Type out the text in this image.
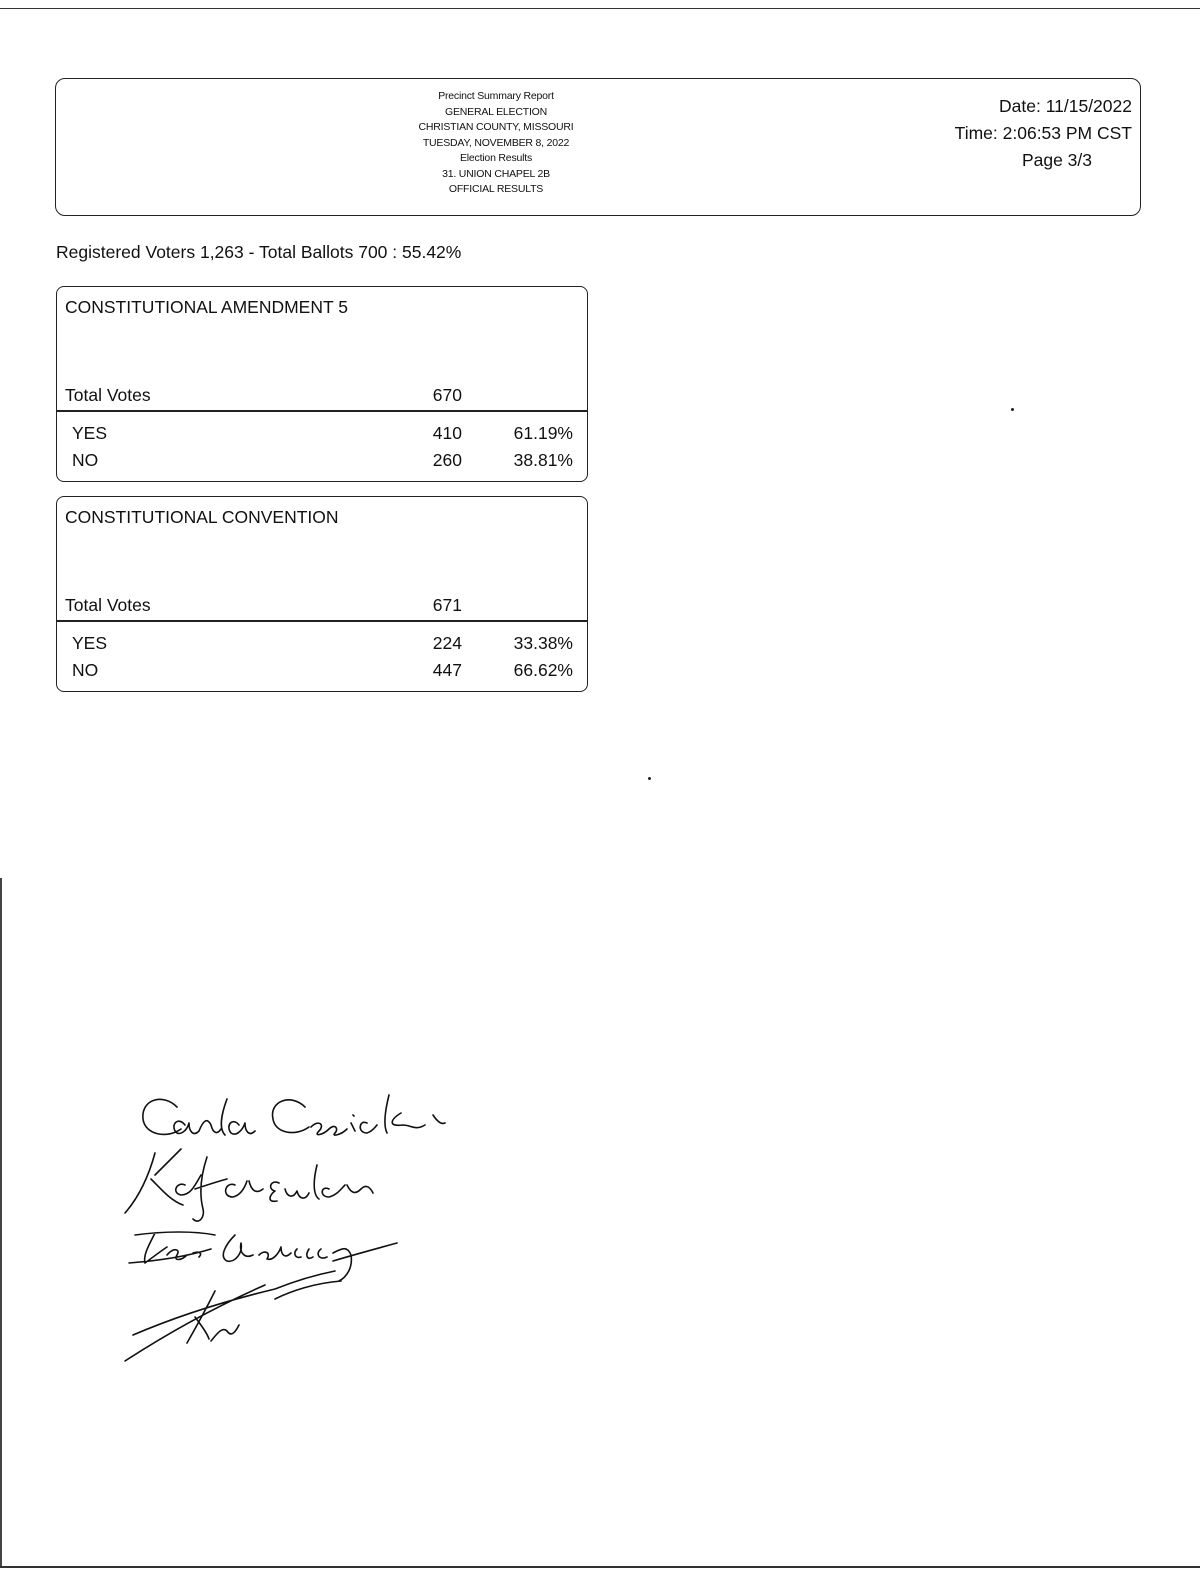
Precinct Summary Report
GENERAL ELECTION
CHRISTIAN COUNTY, MISSOURI
TUESDAY, NOVEMBER 8, 2022
Election Results
31. UNION CHAPEL 2B
OFFICIAL RESULTS
Date: 11/15/2022
Time: 2:06:53 PM CST
Page 3/3
Registered Voters 1,263 - Total Ballots 700 : 55.42%
CONSTITUTIONAL AMENDMENT 5
Total Votes	670
YES	410	61.19%
NO	260	38.81%
CONSTITUTIONAL CONVENTION
Total Votes	671
YES	224	33.38%
NO	447	66.62%
